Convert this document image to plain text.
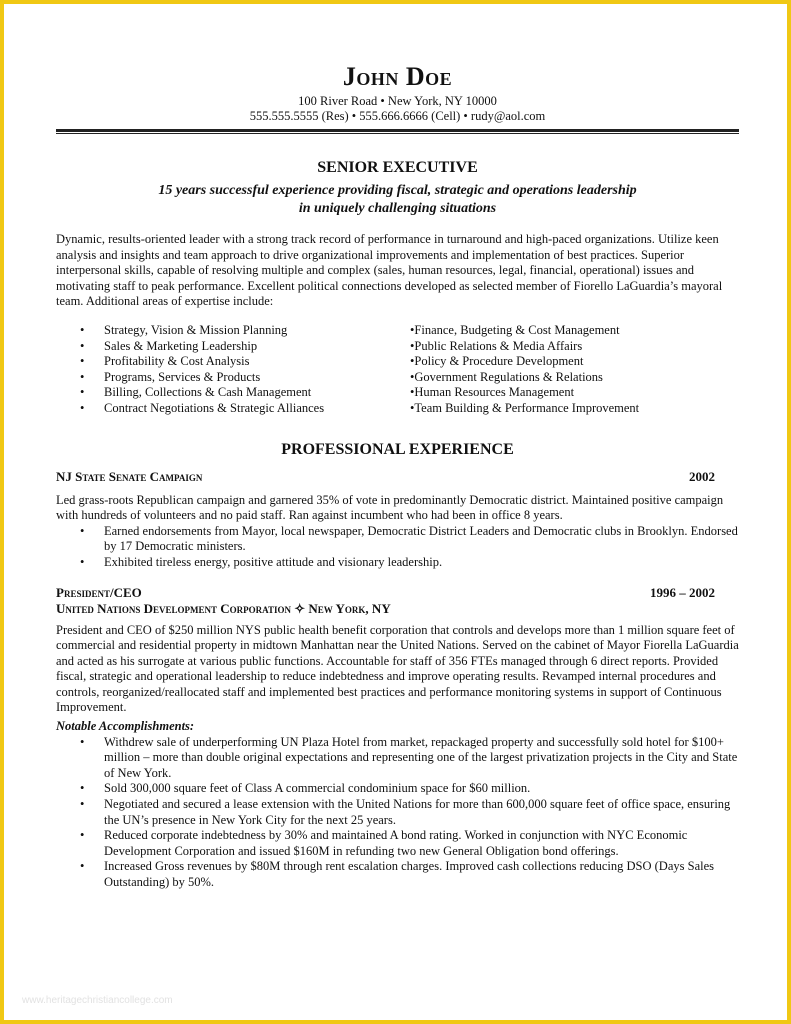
John Doe
100 River Road • New York, NY 10000
555.555.5555 (Res) • 555.666.6666 (Cell) • rudy@aol.com
SENIOR EXECUTIVE
15 years successful experience providing fiscal, strategic and operations leadership
in uniquely challenging situations
Dynamic, results-oriented leader with a strong track record of performance in turnaround and high-paced organizations. Utilize keen analysis and insights and team approach to drive organizational improvements and implementation of best practices. Superior interpersonal skills, capable of resolving multiple and complex (sales, human resources, legal, financial, operational) issues and motivating staff to peak performance. Excellent political connections developed as selected member of Fiorello LaGuardia’s mayoral team. Additional areas of expertise include:
• Strategy, Vision & Mission Planning
• Sales & Marketing Leadership
• Profitability & Cost Analysis
• Programs, Services & Products
• Billing, Collections & Cash Management
• Contract Negotiations & Strategic Alliances
• Finance, Budgeting & Cost Management
• Public Relations & Media Affairs
• Policy & Procedure Development
• Government Regulations & Relations
• Human Resources Management
• Team Building & Performance Improvement
PROFESSIONAL EXPERIENCE
NJ State Senate Campaign	2002
Led grass-roots Republican campaign and garnered 35% of vote in predominantly Democratic district. Maintained positive campaign with hundreds of volunteers and no paid staff. Ran against incumbent who had been in office 8 years.
• Earned endorsements from Mayor, local newspaper, Democratic District Leaders and Democratic clubs in Brooklyn. Endorsed by 17 Democratic ministers.
• Exhibited tireless energy, positive attitude and visionary leadership.
President/CEO	1996 – 2002
United Nations Development Corporation ✧ New York, NY
President and CEO of $250 million NYS public health benefit corporation that controls and develops more than 1 million square feet of commercial and residential property in midtown Manhattan near the United Nations. Served on the cabinet of Mayor Fiorella LaGuardia and acted as his surrogate at various public functions. Accountable for staff of 356 FTEs managed through 6 direct reports. Provided fiscal, strategic and operational leadership to reduce indebtedness and improve operating results. Revamped internal procedures and controls, reorganized/reallocated staff and implemented best practices and performance monitoring systems in support of Continuous Improvement.
Notable Accomplishments:
• Withdrew sale of underperforming UN Plaza Hotel from market, repackaged property and successfully sold hotel for $100+ million – more than double original expectations and representing one of the largest privatization projects in the City and State of New York.
• Sold 300,000 square feet of Class A commercial condominium space for $60 million.
• Negotiated and secured a lease extension with the United Nations for more than 600,000 square feet of office space, ensuring the UN’s presence in New York City for the next 25 years.
• Reduced corporate indebtedness by 30% and maintained A bond rating. Worked in conjunction with NYC Economic Development Corporation and issued $160M in refunding two new General Obligation bond offerings.
• Increased Gross revenues by $80M through rent escalation charges. Improved cash collections reducing DSO (Days Sales Outstanding) by 50%.
www.heritagechristiancollege.com
